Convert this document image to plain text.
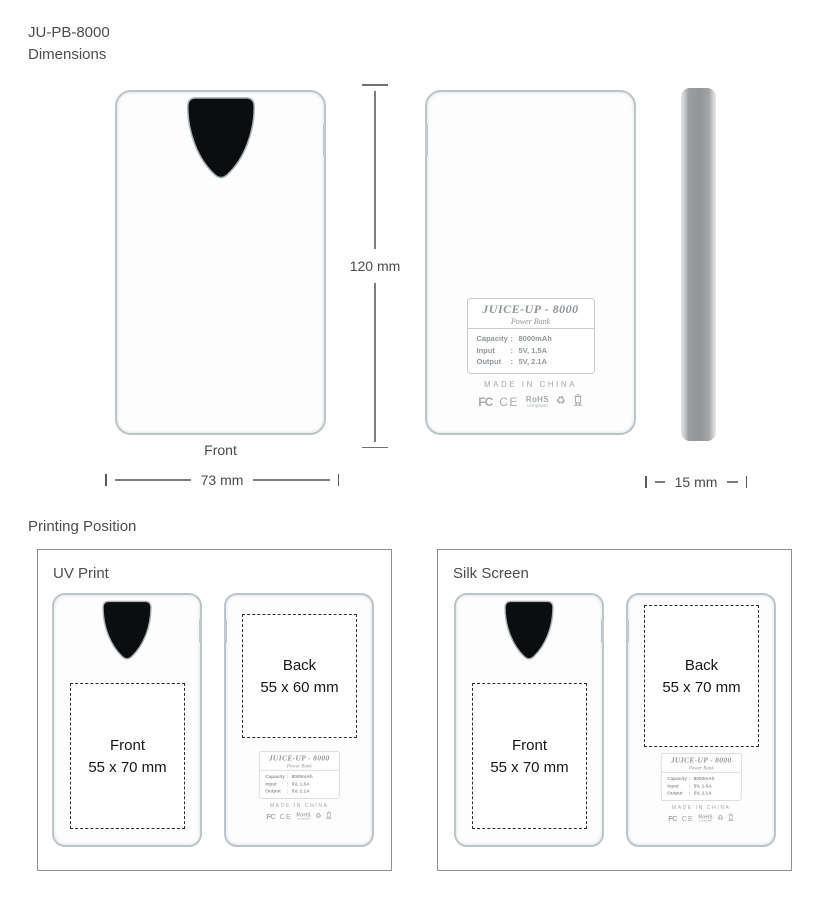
JU-PB-8000
Dimensions
120 mm
JUICE-UP - 8000
Power Bank
Capacity : 8000mAh
Input	: 5V, 1.5A
Output	: 5V, 2.1A
MADE IN CHINA
FC CE RoHS
compliant ♻
Front
73 mm	15 mm
Printing Position
UV Print
Front
55 x 70 mm
Back
55 x 60 mm
JUICE-UP - 8000
Power Bank
Capacity : 8000mAh
Input	: 5V, 1.5A
Output : 5V, 2.1A
MADE IN CHINA
FC CE RoHS
compliant ♻
Silk Screen
Front
55 x 70 mm
Back
55 x 70 mm
JUICE-UP - 8000
Power Bank
Capacity : 8000mAh
Input	: 5V, 1.5A
Output : 5V, 2.1A
MADE IN CHINA
FC CE RoHS
compliant ♻
